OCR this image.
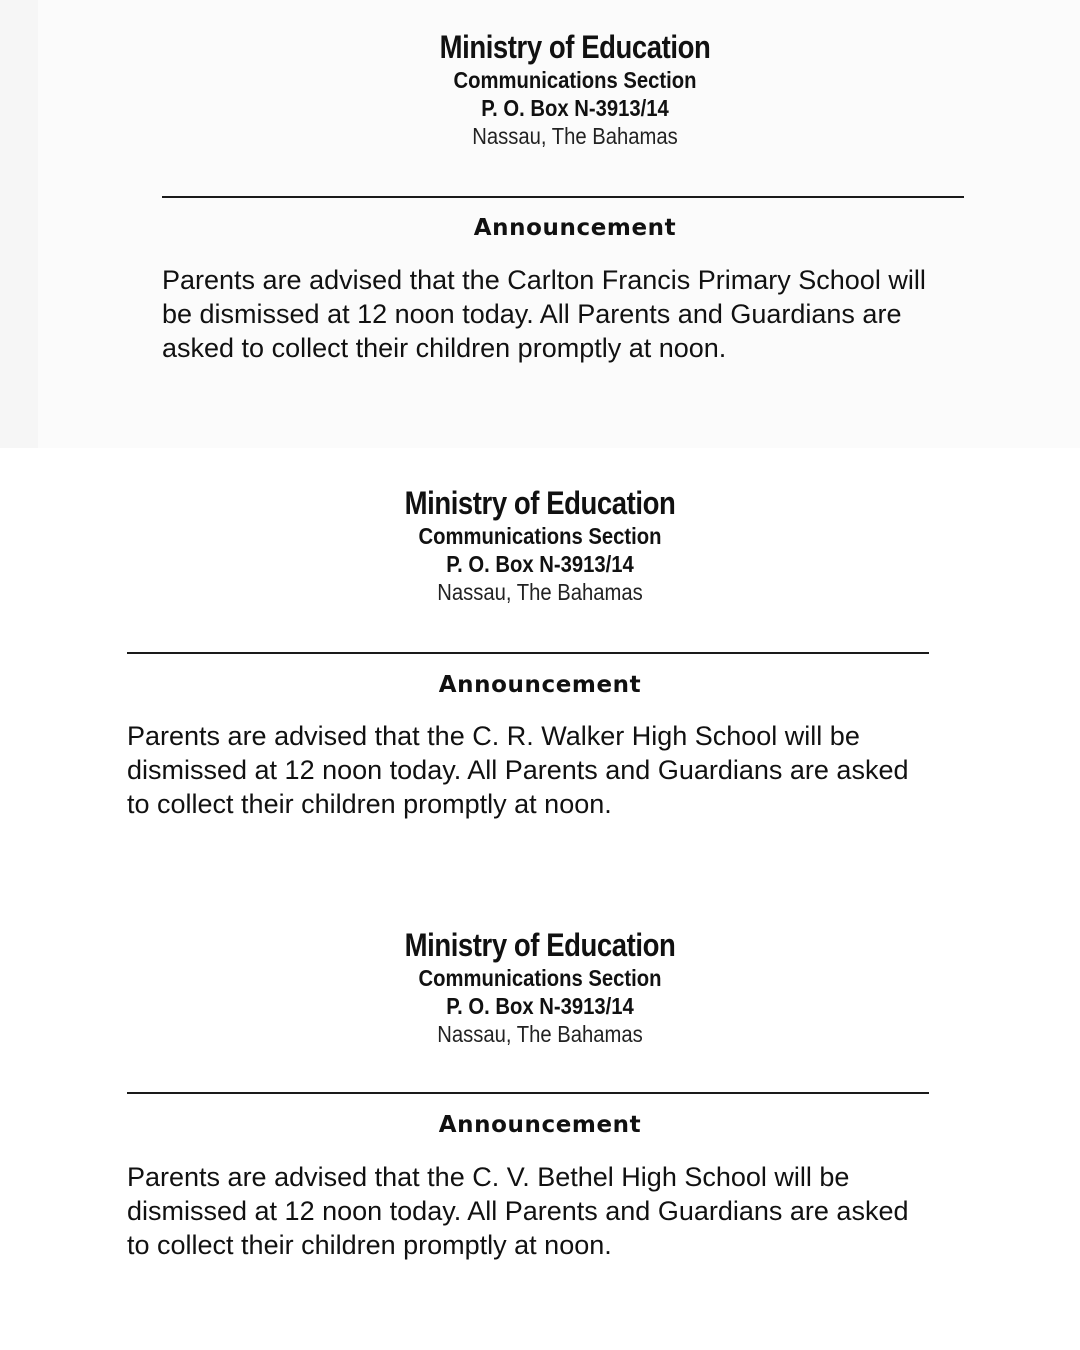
Ministry of Education
Communications Section
P. O. Box N-3913/14
Nassau, The Bahamas
Announcement
Parents are advised that the Carlton Francis Primary School will
be dismissed at 12 noon today. All Parents and Guardians are
asked to collect their children promptly at noon.
Ministry of Education
Communications Section
P. O. Box N-3913/14
Nassau, The Bahamas
Announcement
Parents are advised that the C. R. Walker High School will be
dismissed at 12 noon today. All Parents and Guardians are asked
to collect their children promptly at noon.
Ministry of Education
Communications Section
P. O. Box N-3913/14
Nassau, The Bahamas
Announcement
Parents are advised that the C. V. Bethel High School will be
dismissed at 12 noon today. All Parents and Guardians are asked
to collect their children promptly at noon.
